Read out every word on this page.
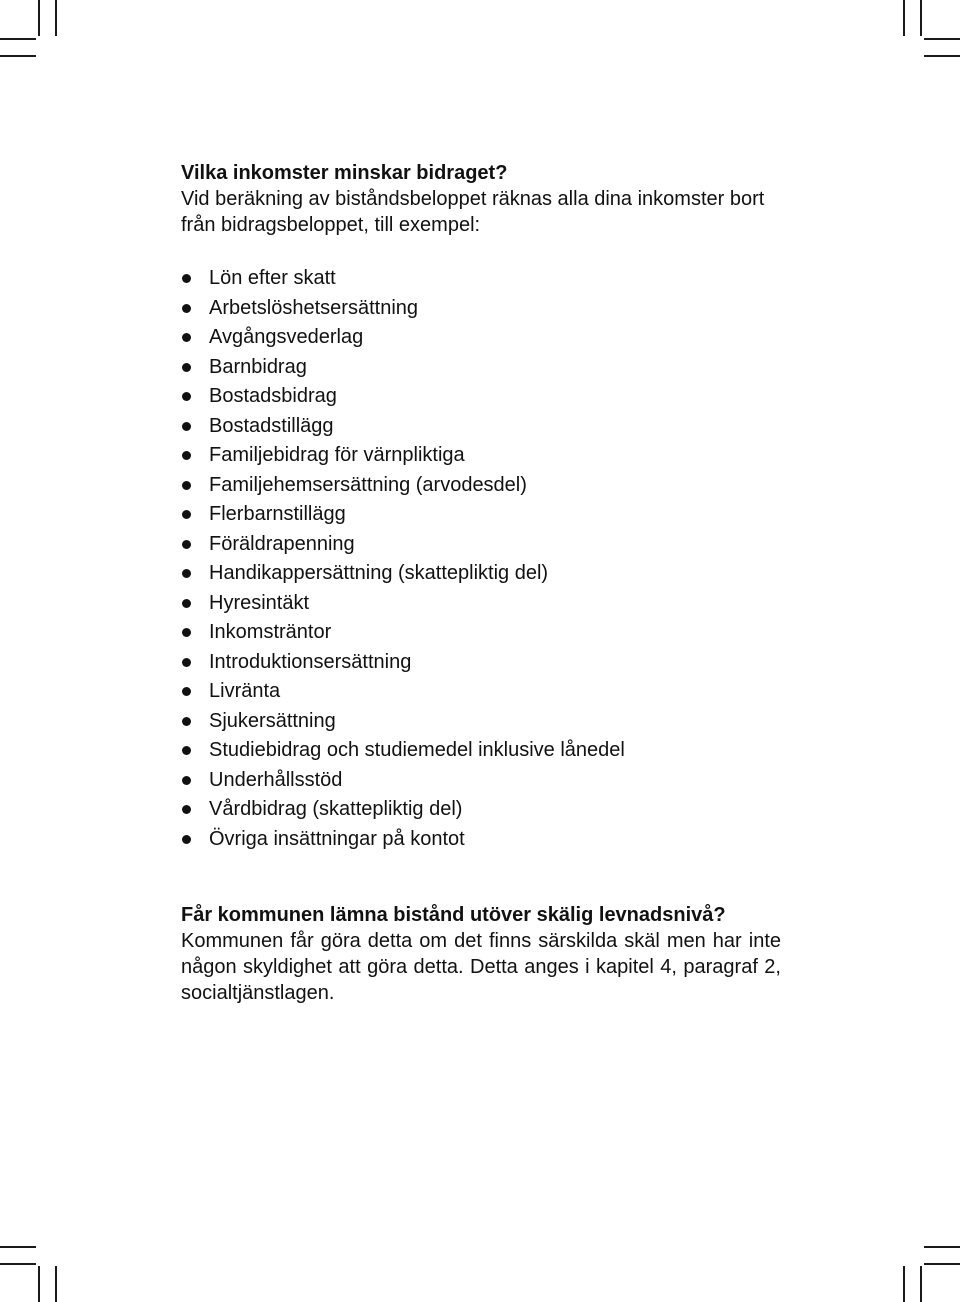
Vilka inkomster minskar bidraget?

Vid beräkning av biståndsbeloppet räknas alla dina inkomster bort från bidragsbeloppet, till exempel:

Lön efter skatt
Arbetslöshetsersättning
Avgångsvederlag
Barnbidrag
Bostadsbidrag
Bostadstillägg
Familjebidrag för värnpliktiga
Familjehemsersättning (arvodesdel)
Flerbarnstillägg
Föräldrapenning
Handikappersättning (skattepliktig del)
Hyresintäkt
Inkomsträntor
Introduktionsersättning
Livränta
Sjukersättning
Studiebidrag och studiemedel inklusive lånedel
Underhållsstöd
Vårdbidrag (skattepliktig del)
Övriga insättningar på kontot
Får kommunen lämna bistånd utöver skälig levnadsnivå?

Kommunen får göra detta om det finns särskilda skäl men har inte någon skyldighet att göra detta. Detta anges i kapitel 4, paragraf 2, socialtjänstlagen.
